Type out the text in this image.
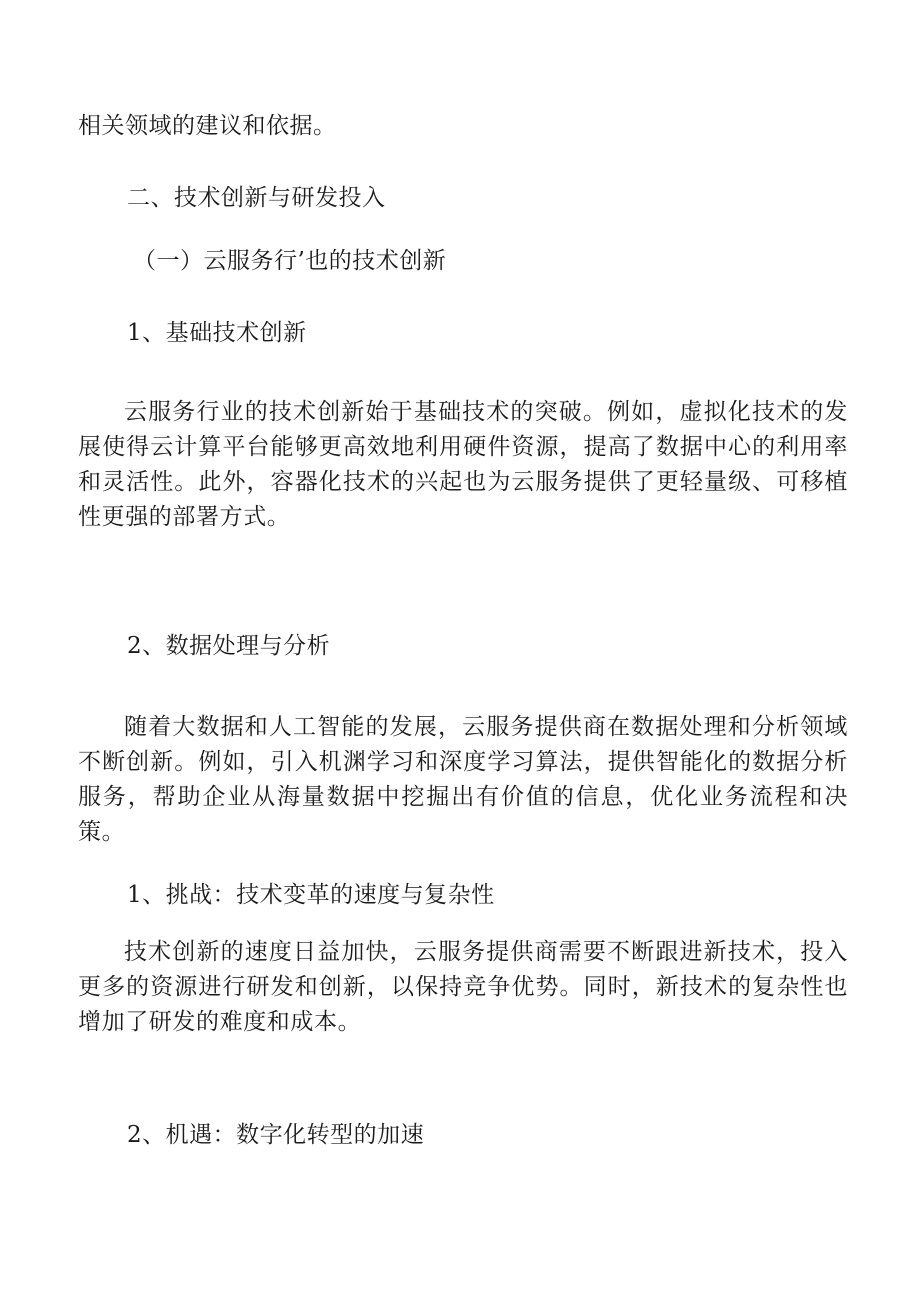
相关领域的建议和依据。
二、技术创新与研发投入
（一）云服务行’也的技术创新
1、基础技术创新

云服务行业的技术创新始于基础技术的突破。例如，虚拟化技术的发展使得云计算平台能够更高效地利用硬件资源，提高了数据中心的利用率和灵活性。此外，容器化技术的兴起也为云服务提供了更轻量级、可移植性更强的部署方式。

2、数据处理与分析

随着大数据和人工智能的发展，云服务提供商在数据处理和分析领域不断创新。例如，引入机渊学习和深度学习算法，提供智能化的数据分析服务，帮助企业从海量数据中挖掘出有价值的信息，优化业务流程和决策。

1、挑战：技术变革的速度与复杂性

技术创新的速度日益加快，云服务提供商需要不断跟进新技术，投入更多的资源进行研发和创新，以保持竞争优势。同时，新技术的复杂性也增加了研发的难度和成本。

2、机遇：数字化转型的加速
